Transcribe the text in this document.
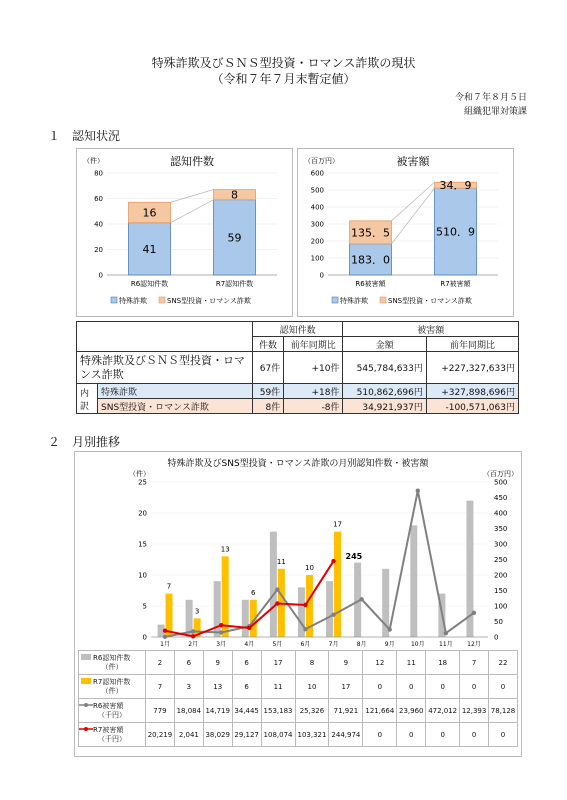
特殊詐欺及びＳＮＳ型投資・ロマンス詐欺の現状
（令和７年７月末暫定値）
令和７年８月５日
組織犯罪対策課
１　認知状況
２　月別推移
（件）	認知件数
0
20
40
60
80
41
16
R6認知件数
59
8
R7認知件数
特殊詐欺	SNS型投資・ロマンス詐欺
（百万円）	被害額
0
100
200
300
400
500
600
183．0
135．5
R6被害額
510．9
34．9
R7被害額
特殊詐欺	SNS型投資・ロマンス詐欺
		認知件数		被害額	
		件数	前年同期比	金額	前年同期比
特殊詐欺及びＳＮＳ型投資・ロマンス詐欺		67件	+10件	545,784,633円	+227,327,633円
内訳	特殊詐欺	59件	+18件	510,862,696円	+327,898,696円
	SNS型投資・ロマンス詐欺	8件	-8件	34,921,937円	-100,571,063円
特殊詐欺及びSNS型投資・ロマンス詐欺の月別認知件数・被害額
（件）	（百万円）
0
5
10
15
20
25
0
50
100
150
200
250
300
350
400
450
500
7
1月
3
2月
13
3月
6
4月
11
5月
10
6月
17
7月	8月	9月	10月 11月 12月
245
R6認知件数
（件）	2	6	9	6	17	8	9	12	11	18	7	22
R7認知件数
（件）	7	3	13	6	11	10	17	0	0	0	0	0
R6被害額
（千円）	779	18,084	14,719	34,445	153,183	25,326	71,921	121,664	23,960	472,012	12,393	78,128
R7被害額
（千円）	20,219	2,041	38,029	29,127	108,074	103,321	244,974	0	0	0	0	0
